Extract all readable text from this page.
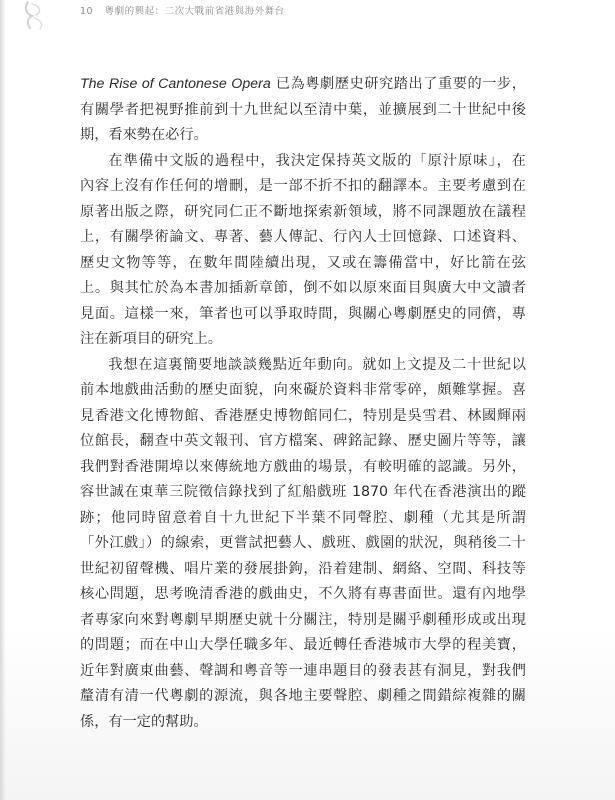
10 粵劇的興起：二次大戰前省港與海外舞台

The Rise of Cantonese Opera 已為粵劇歷史研究踏出了重要的一步，
有關學者把視野推前到十九世紀以至清中葉，並擴展到二十世紀中後
期，看來勢在必行。

在準備中文版的過程中，我決定保持英文版的「原汁原味」，在
內容上沒有作任何的增刪，是一部不折不扣的翻譯本。主要考慮到在
原著出版之際，研究同仁正不斷地探索新領域，將不同課題放在議程
上，有關學術論文、專著、藝人傳記、行內人士回憶錄、口述資料、
歷史文物等等，在數年間陸續出現，又或在籌備當中，好比箭在弦
上。與其忙於為本書加插新章節，倒不如以原來面目與廣大中文讀者
見面。這樣一來，筆者也可以爭取時間，與關心粵劇歷史的同儕，專
注在新項目的研究上。

我想在這裏簡要地談談幾點近年動向。就如上文提及二十世紀以
前本地戲曲活動的歷史面貌，向來礙於資料非常零碎，頗難掌握。喜
見香港文化博物館、香港歷史博物館同仁，特別是吳雪君、林國輝兩
位館長，翻查中英文報刊、官方檔案、碑銘記錄、歷史圖片等等，讓
我們對香港開埠以來傳統地方戲曲的場景，有較明確的認識。另外，
容世誠在東華三院徵信錄找到了紅船戲班 1870 年代在香港演出的蹤
跡；他同時留意着自十九世紀下半葉不同聲腔、劇種（尤其是所謂
「外江戲」）的線索，更嘗試把藝人、戲班、戲園的狀況，與稍後二十
世紀初留聲機、唱片業的發展掛鉤，沿着建制、網絡、空間、科技等
核心問題，思考晚清香港的戲曲史，不久將有專書面世。還有內地學
者專家向來對粵劇早期歷史就十分關注，特別是關乎劇種形成或出現
的問題；而在中山大學任職多年、最近轉任香港城市大學的程美寶，
近年對廣東曲藝、聲調和粵音等一連串題目的發表甚有洞見，對我們
釐清有清一代粵劇的源流，與各地主要聲腔、劇種之間錯綜複雜的關
係，有一定的幫助。
